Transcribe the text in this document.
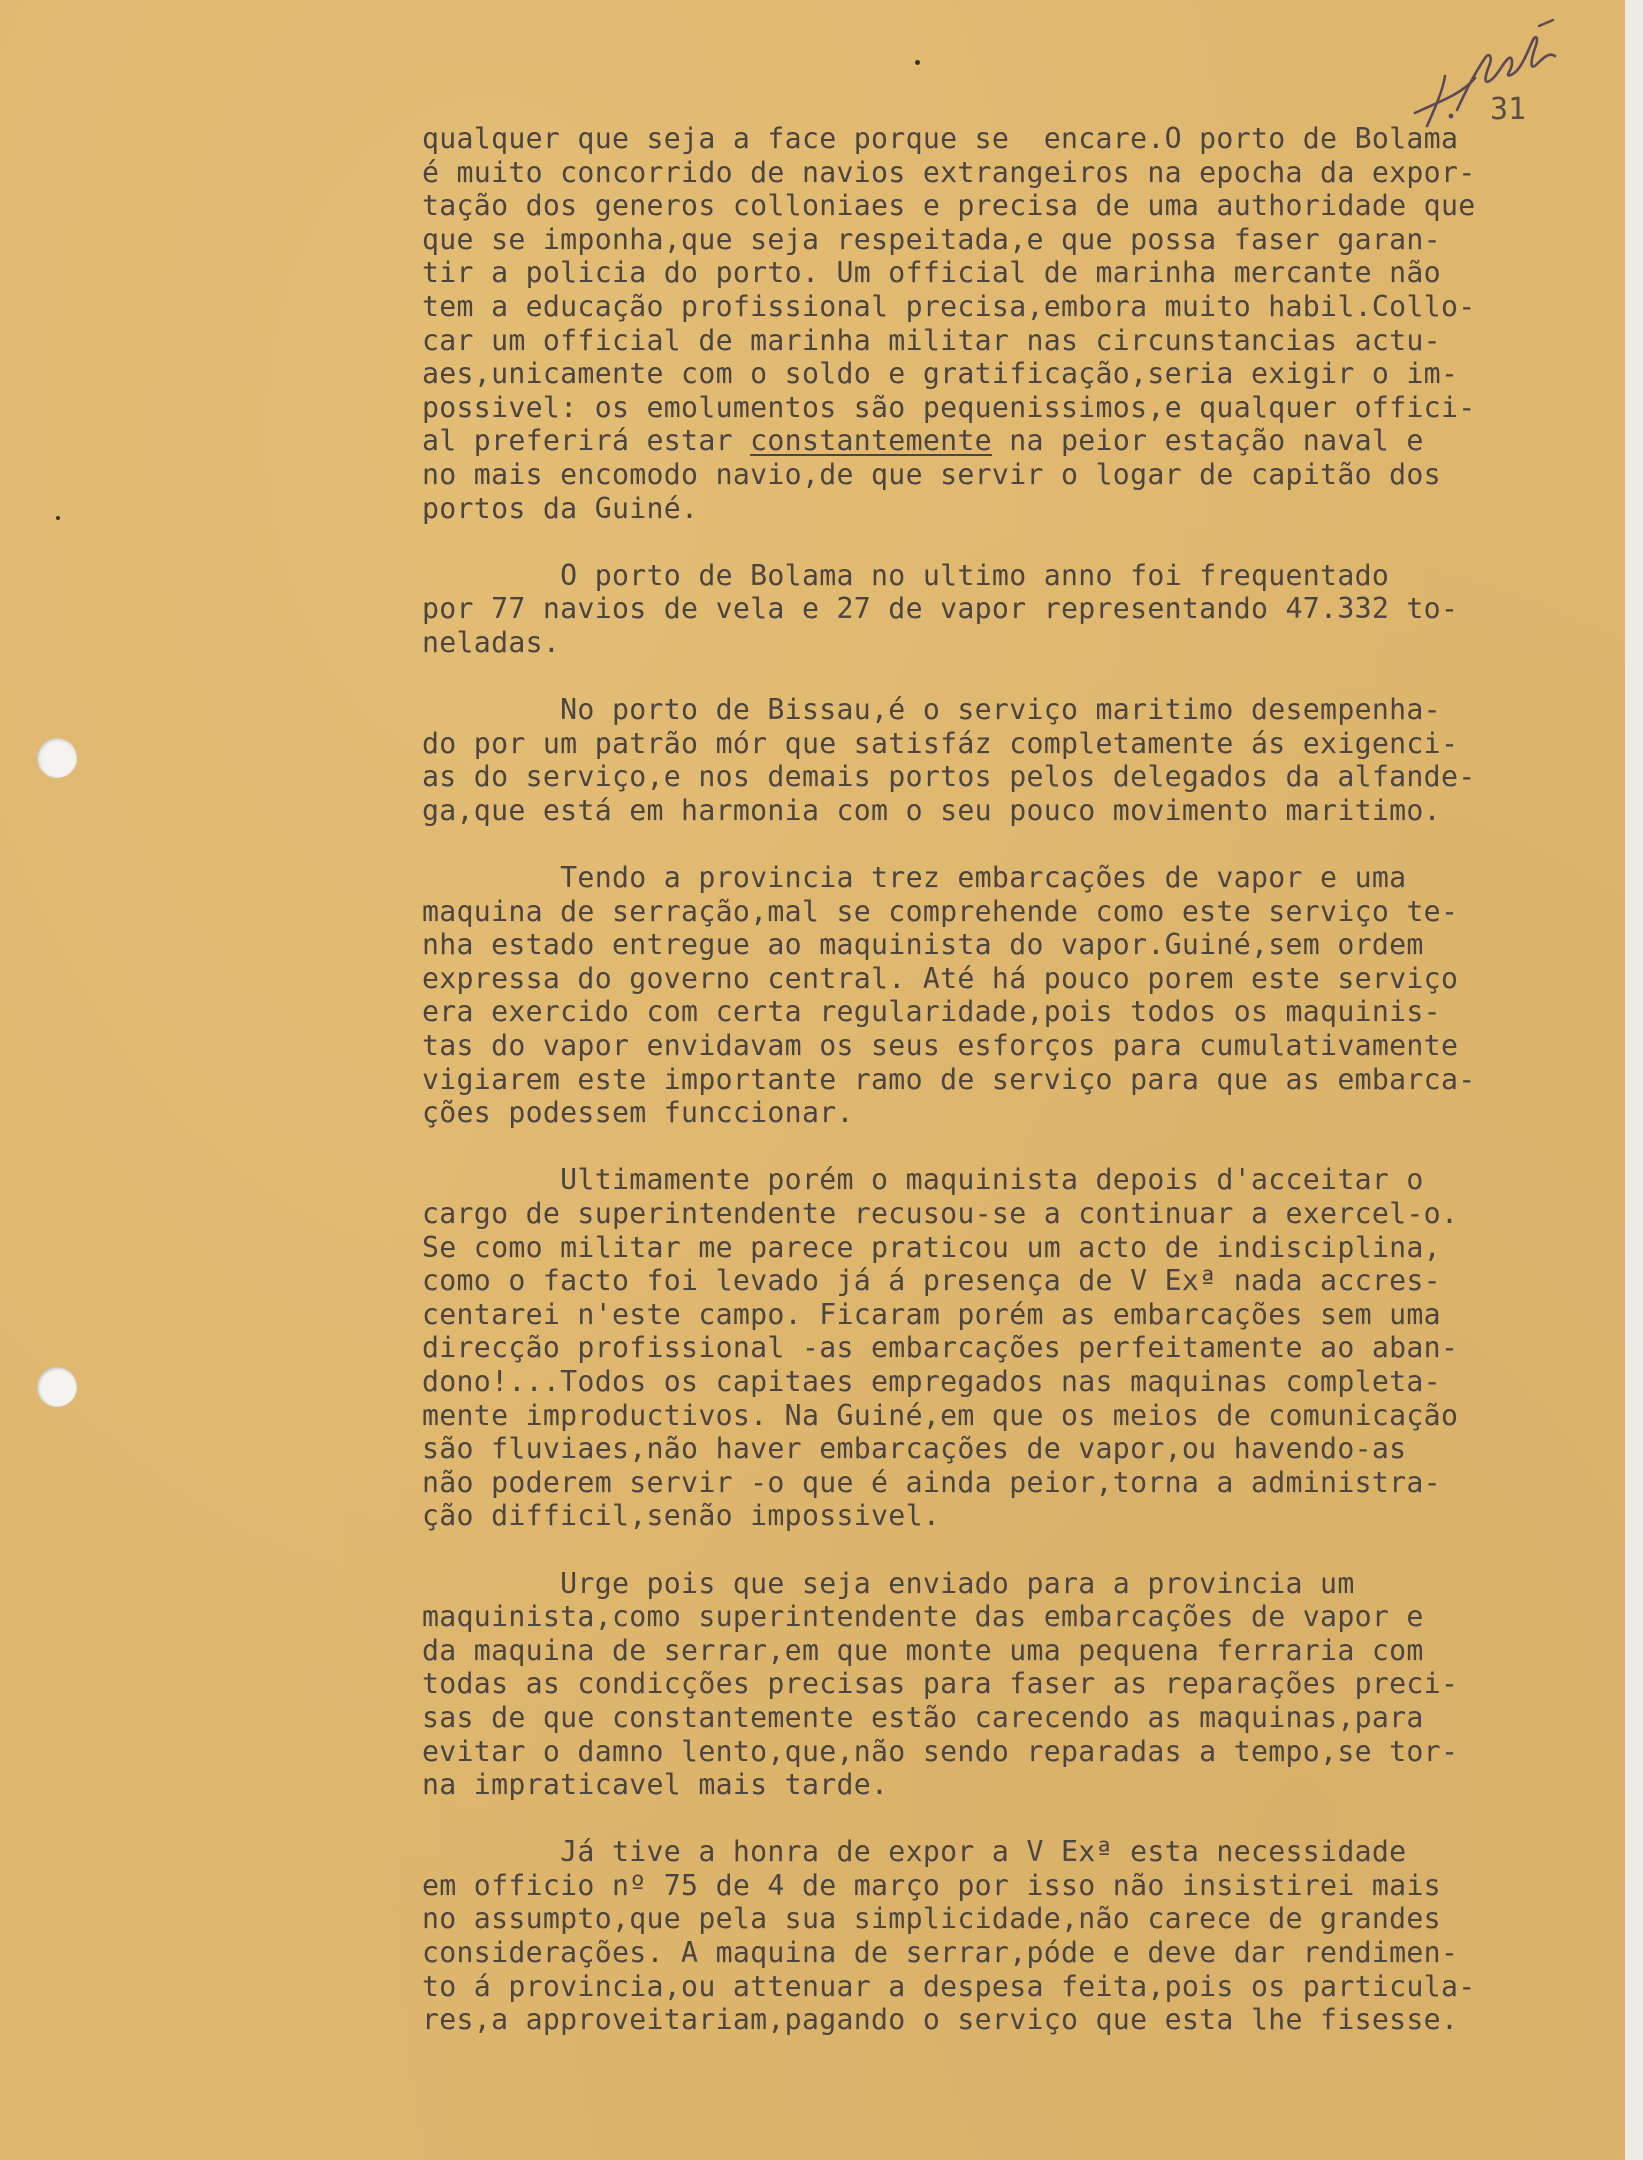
31
qualquer que seja a face porque se  encare.O porto de Bolama
é muito concorrido de navios extrangeiros na epocha da expor-
tação dos generos colloniaes e precisa de uma authoridade que
que se imponha,que seja respeitada,e que possa faser garan-
tir a policia do porto. Um official de marinha mercante não
tem a educação profissional precisa,embora muito habil.Collo-
car um official de marinha militar nas circunstancias actu-
aes,unicamente com o soldo e gratificação,seria exigir o im-
possivel: os emolumentos são pequenissimos,e qualquer offici-
al preferirá estar constantemente na peior estação naval e
no mais encomodo navio,de que servir o logar de capitão dos
portos da Guiné.
O porto de Bolama no ultimo anno foi frequentado
por 77 navios de vela e 27 de vapor representando 47.332 to-
neladas.
No porto de Bissau,é o serviço maritimo desempenha-
do por um patrão mór que satisfáz completamente ás exigenci-
as do serviço,e nos demais portos pelos delegados da alfande-
ga,que está em harmonia com o seu pouco movimento maritimo.
Tendo a provincia trez embarcações de vapor e uma
maquina de serração,mal se comprehende como este serviço te-
nha estado entregue ao maquinista do vapor.Guiné,sem ordem
expressa do governo central. Até há pouco porem este serviço
era exercido com certa regularidade,pois todos os maquinis-
tas do vapor envidavam os seus esforços para cumulativamente
vigiarem este importante ramo de serviço para que as embarca-
ções podessem funccionar.
Ultimamente porém o maquinista depois d'acceitar o
cargo de superintendente recusou-se a continuar a exercel-o.
Se como militar me parece praticou um acto de indisciplina,
como o facto foi levado já á presença de V Exª nada accres-
centarei n'este campo. Ficaram porém as embarcações sem uma
direcção profissional -as embarcações perfeitamente ao aban-
dono!...Todos os capitaes empregados nas maquinas completa-
mente improductivos. Na Guiné,em que os meios de comunicação
são fluviaes,não haver embarcações de vapor,ou havendo-as
não poderem servir -o que é ainda peior,torna a administra-
ção difficil,senão impossivel.
Urge pois que seja enviado para a provincia um
maquinista,como superintendente das embarcações de vapor e
da maquina de serrar,em que monte uma pequena ferraria com
todas as condicções precisas para faser as reparações preci-
sas de que constantemente estão carecendo as maquinas,para
evitar o damno lento,que,não sendo reparadas a tempo,se tor-
na impraticavel mais tarde.
Já tive a honra de expor a V Exª esta necessidade
em officio nº 75 de 4 de março por isso não insistirei mais
no assumpto,que pela sua simplicidade,não carece de grandes
considerações. A maquina de serrar,póde e deve dar rendimen-
to á provincia,ou attenuar a despesa feita,pois os particula-
res,a approveitariam,pagando o serviço que esta lhe fisesse.
